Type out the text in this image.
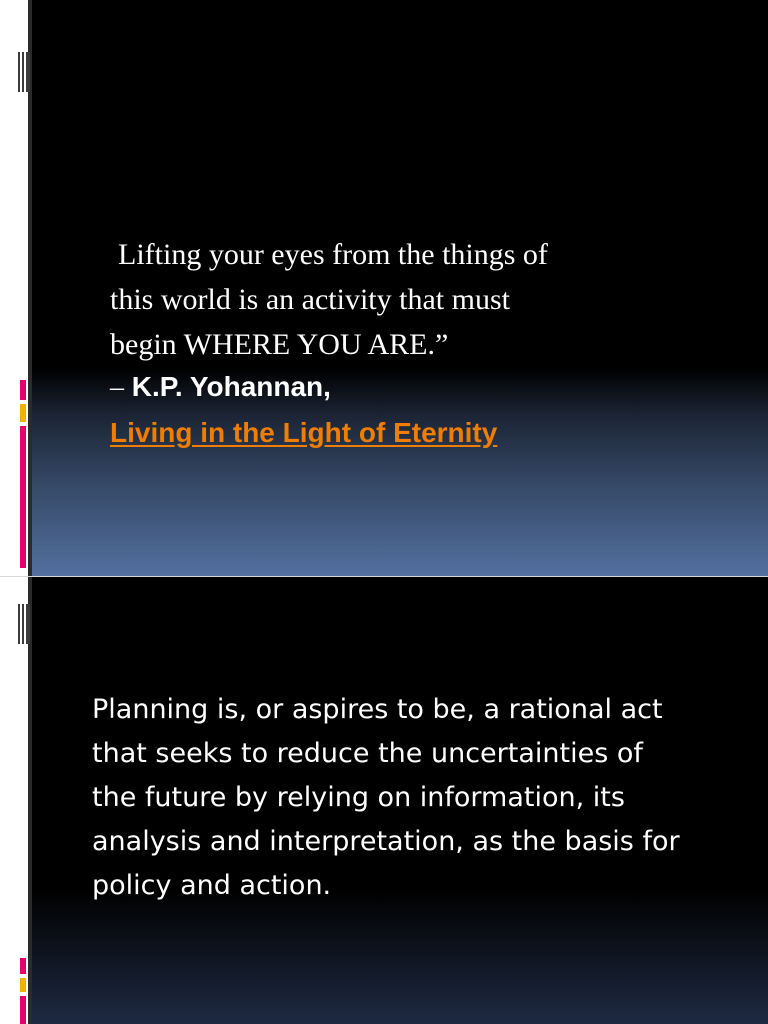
Lifting your eyes from the things of
this world is an activity that must
begin WHERE YOU ARE.”

– K.P. Yohannan,
Living in the Light of Eternity

Planning is, or aspires to be, a rational act
that seeks to reduce the uncertainties of
the future by relying on information, its
analysis and interpretation, as the basis for
policy and action.
